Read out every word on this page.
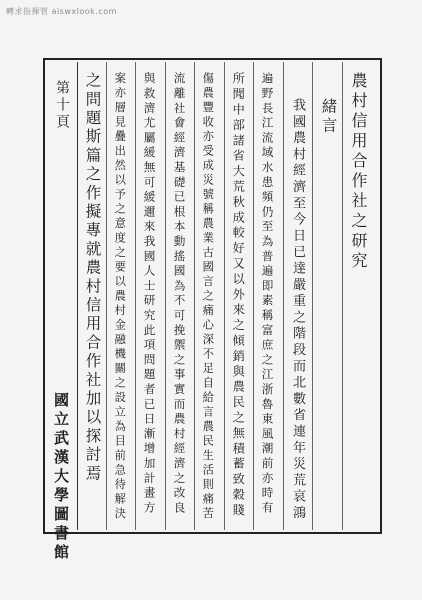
轉求指揮管 aiswxlook.com
第十頁
國立武漢大學圖書館
農村信用合作社之研究
緒言
我國農村經濟至今日已達嚴重之階段而北數省連年災荒哀鴻
遍野長江流域水患頻仍至為普遍即素稱富庶之江浙魯東風潮前亦時有
所聞中部諸省大荒秋成較好又以外來之傾銷與農民之無積蓄致穀賤
傷農豐收亦受成災號稱農業古國言之痛心深不足自給言農民生活則痛苦
流離社會經濟基礎已根本動搖國為不可挽禦之事實而農村經濟之改良
與救濟尤屬緩無可緩邇來我國人士研究此項問題者已日漸增加計畫方
案亦層見疊出然以予之意度之要以農村金融機關之設立為目前急待解決
之問題斯篇之作擬專就農村信用合作社加以探討焉
